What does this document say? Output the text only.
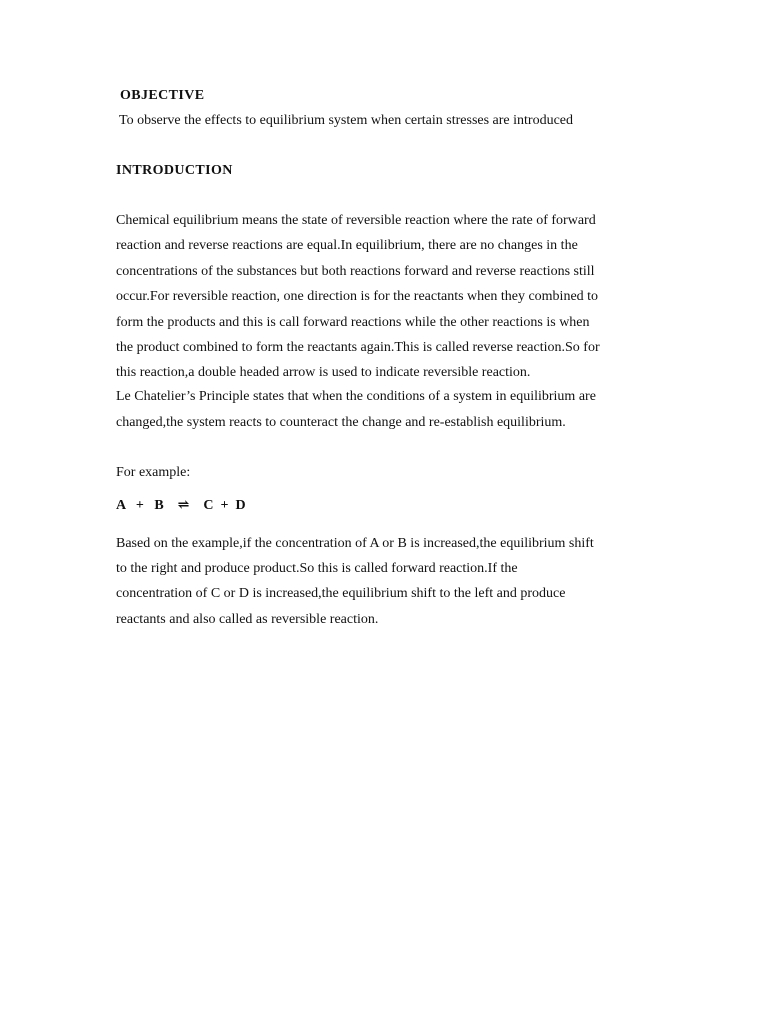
OBJECTIVE
To observe the effects to equilibrium system when certain stresses are introduced
INTRODUCTION
Chemical equilibrium means the state of reversible reaction where the rate of forward
reaction and reverse reactions are equal.In equilibrium, there are no changes in the
concentrations of the substances but both reactions forward and reverse reactions still
occur.For reversible reaction, one direction is for the reactants when they combined to
form the products and this is call forward reactions while the other reactions is when
the product combined to form the reactants again.This is called reverse reaction.So for
this reaction,a double headed arrow is used to indicate reversible reaction.
Le Chatelier’s Principle states that when the conditions of a system in equilibrium are
changed,the system reacts to counteract the change and re-establish equilibrium.
For example:
A   +   B    ⇌    C  +  D
Based on the example,if the concentration of A or B is increased,the equilibrium shift
to the right and produce product.So this is called forward reaction.If the
concentration of C or D is increased,the equilibrium shift to the left and produce
reactants and also called as reversible reaction.
